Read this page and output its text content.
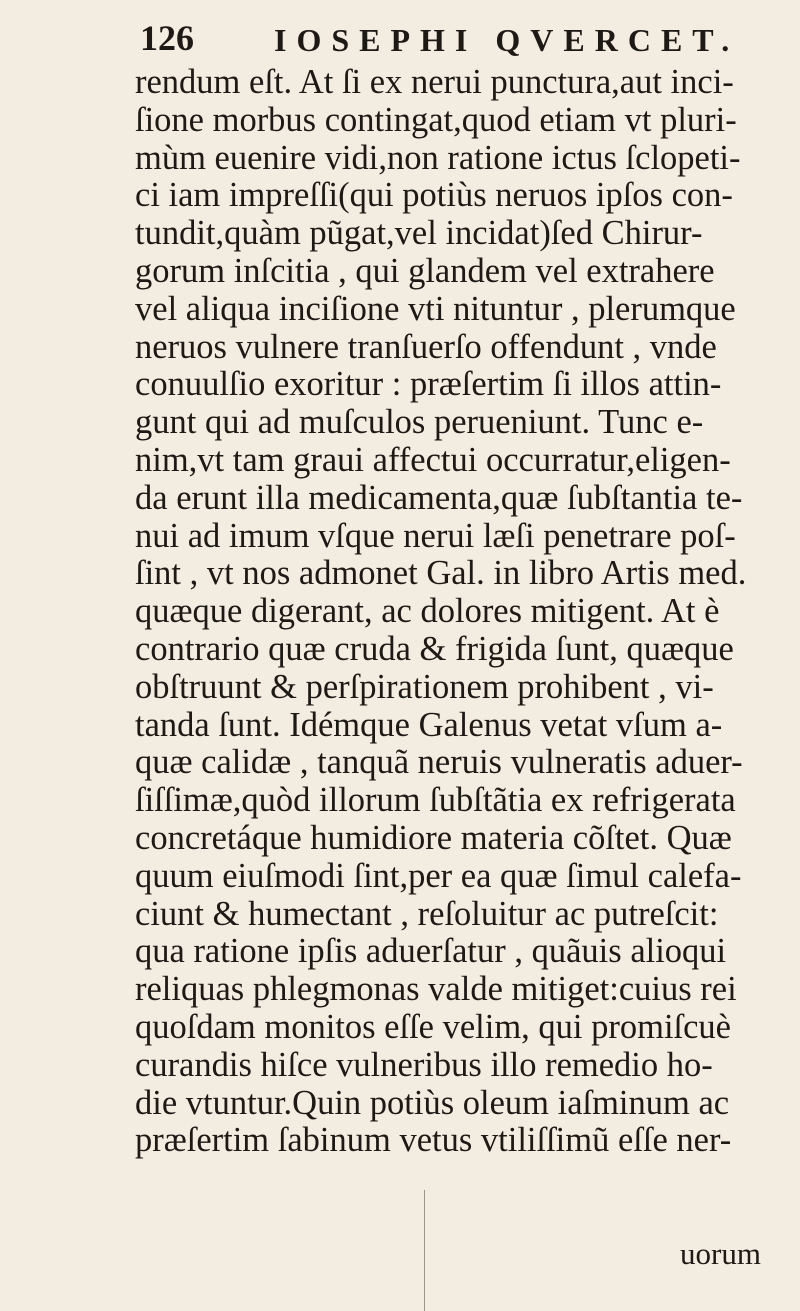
126	IOSEPHI QVERCET.
rendum eſt. At ſi ex nerui punctura,aut inci-
ſione morbus contingat,quod etiam vt pluri-
mùm euenire vidi,non ratione ictus ſclopeti-
ci iam impreſſi(qui potiùs neruos ipſos con-
tundit,quàm pũgat,vel incidat)ſed Chirur-
gorum inſcitia , qui glandem vel extrahere
vel aliqua inciſione vti nituntur , plerumque
neruos vulnere tranſuerſo offendunt , vnde
conuulſio exoritur : præſertim ſi illos attin-
gunt qui ad muſculos perueniunt. Tunc e-
nim,vt tam graui affectui occurratur,eligen-
da erunt illa medicamenta,quæ ſubſtantia te-
nui ad imum vſque nerui læſi penetrare poſ-
ſint , vt nos admonet Gal. in libro Artis med.
quæque digerant, ac dolores mitigent. At è
contrario quæ cruda & frigida ſunt, quæque
obſtruunt & perſpirationem prohibent , vi-
tanda ſunt. Idémque Galenus vetat vſum a-
quæ calidæ , tanquã neruis vulneratis aduer-
ſiſſimæ,quòd illorum ſubſtãtia ex refrigerata
concretáque humidiore materia cõſtet. Quæ
quum eiuſmodi ſint,per ea quæ ſimul calefa-
ciunt & humectant , reſoluitur ac putreſcit:
qua ratione ipſis aduerſatur , quãuis alioqui
reliquas phlegmonas valde mitiget:cuius rei
quoſdam monitos eſſe velim, qui promiſcuè
curandis hiſce vulneribus illo remedio ho-
die vtuntur.Quin potiùs oleum iaſminum ac
præſertim ſabinum vetus vtiliſſimũ eſſe ner-
uorum
